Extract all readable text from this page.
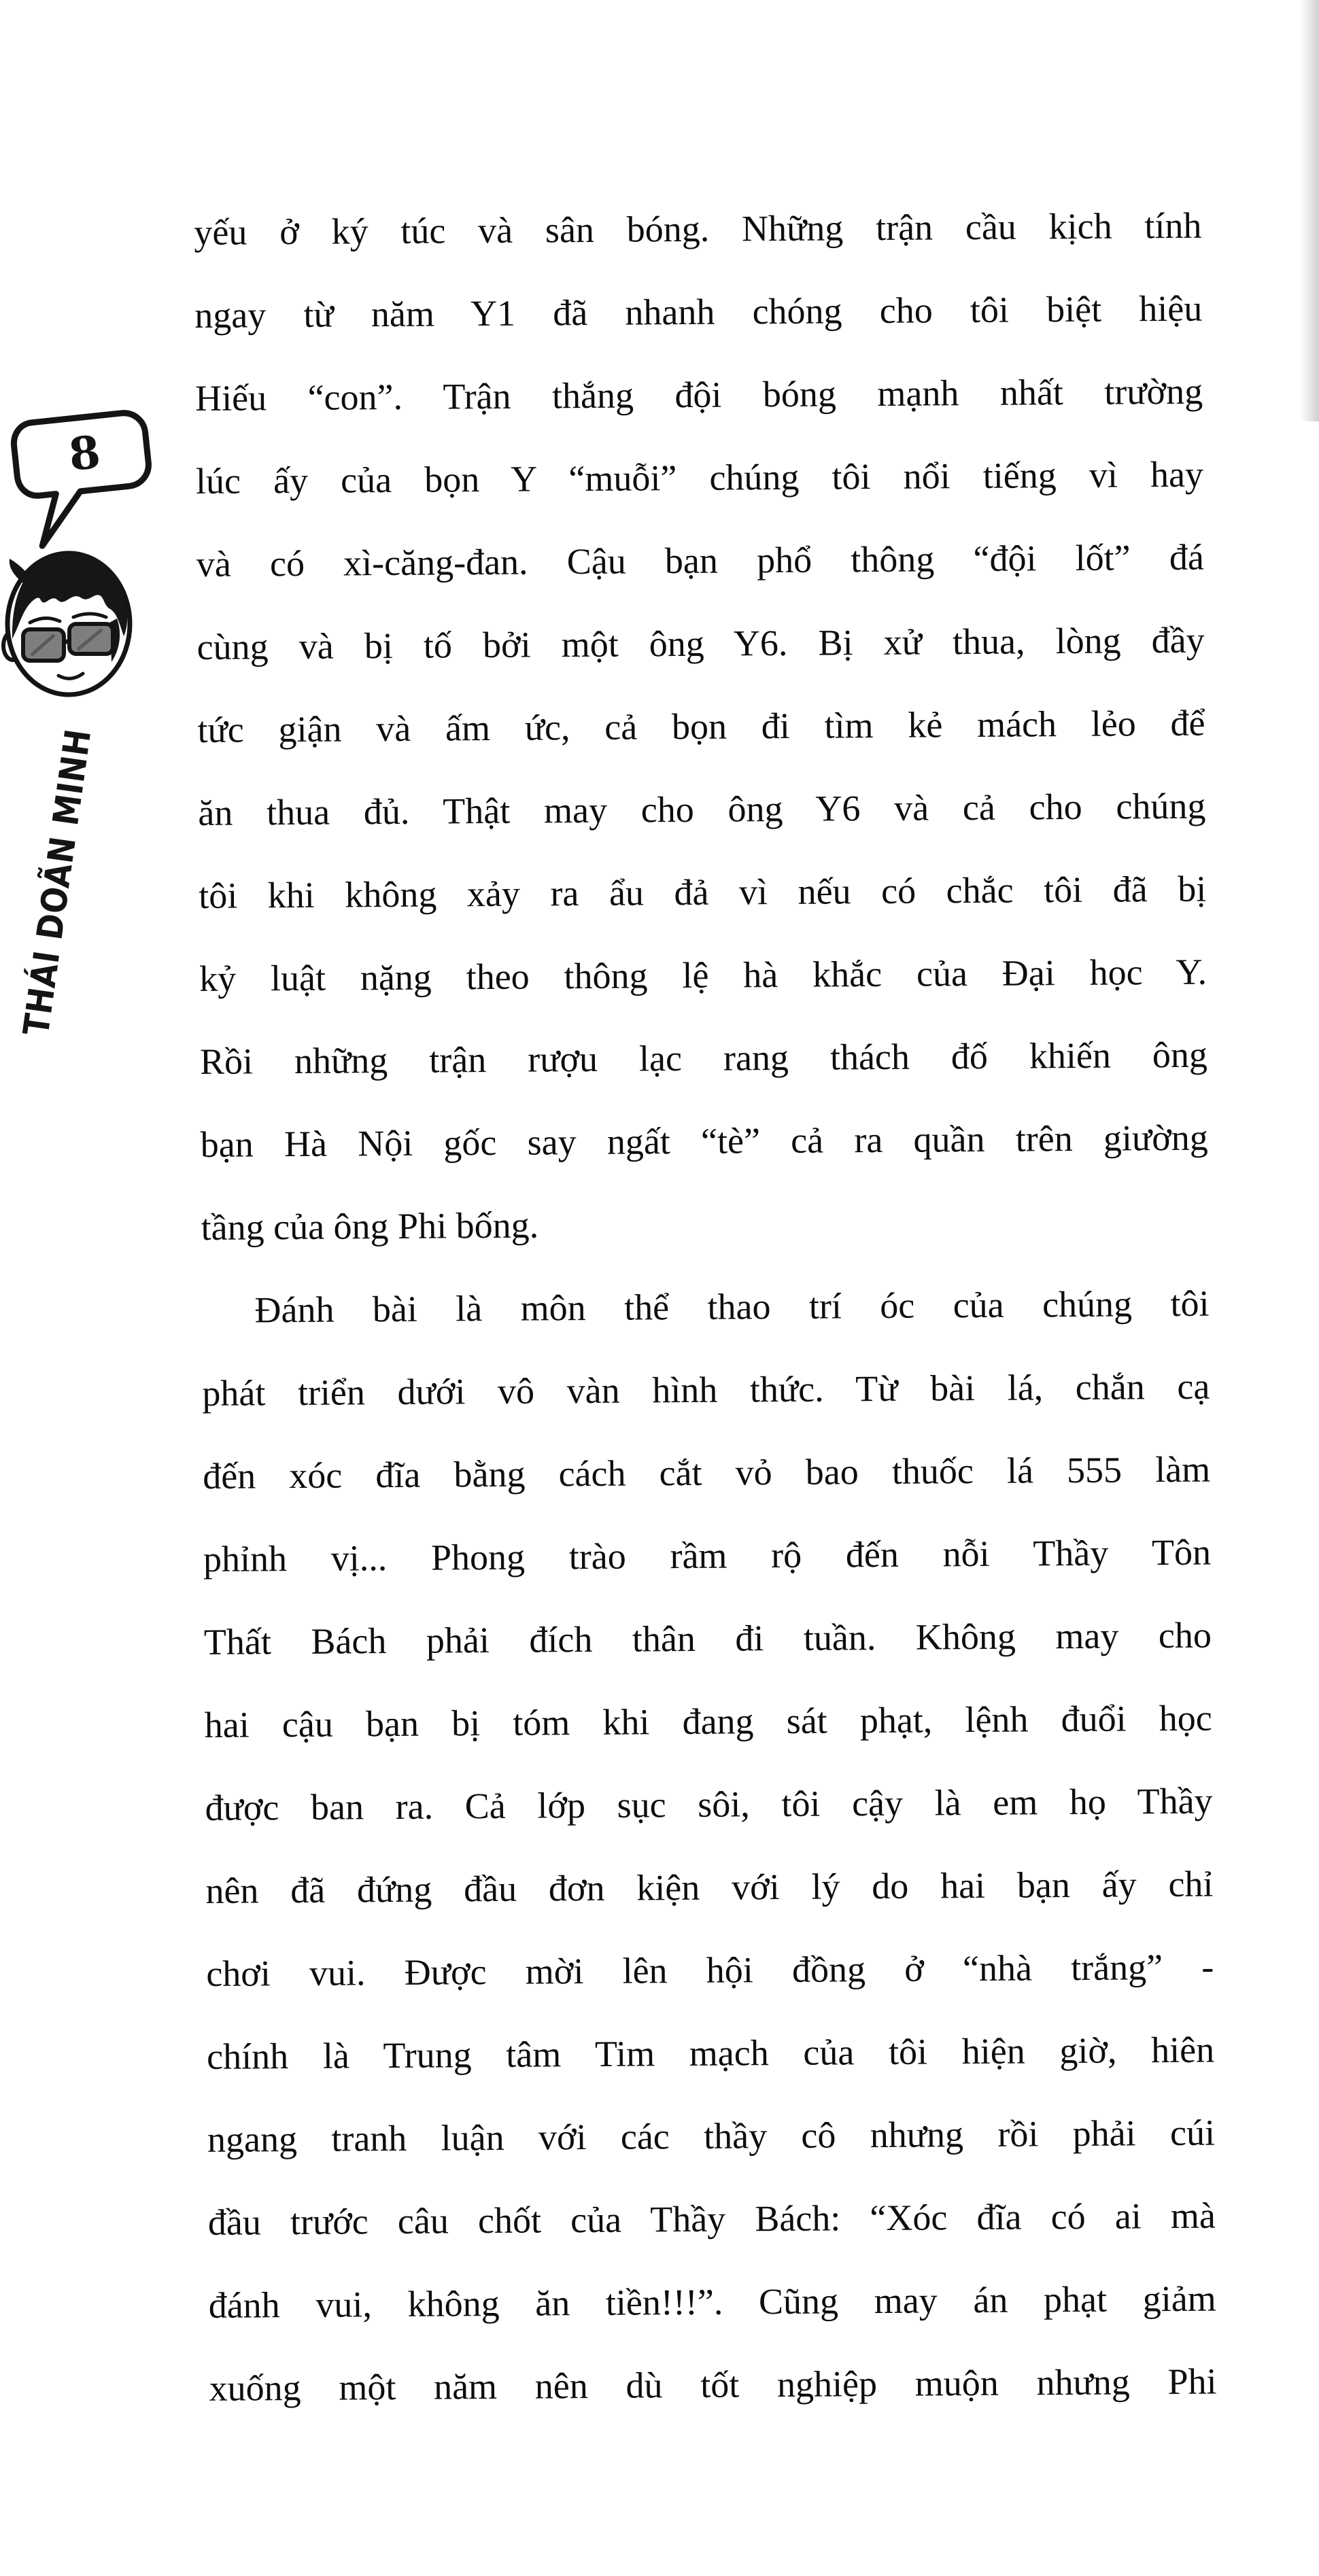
8
THÁI DOÃN MINH
yếu ở ký túc và sân bóng. Những trận cầu kịch tính
ngay từ năm Y1 đã nhanh chóng cho tôi biệt hiệu
Hiếu “con”. Trận thắng đội bóng mạnh nhất trường
lúc ấy của bọn Y “muỗi” chúng tôi nổi tiếng vì hay
và có xì-căng-đan. Cậu bạn phổ thông “đội lốt” đá
cùng và bị tố bởi một ông Y6. Bị xử thua, lòng đầy
tức giận và ấm ức, cả bọn đi tìm kẻ mách lẻo để
ăn thua đủ. Thật may cho ông Y6 và cả cho chúng
tôi khi không xảy ra ẩu đả vì nếu có chắc tôi đã bị
kỷ luật nặng theo thông lệ hà khắc của Đại học Y.
Rồi những trận rượu lạc rang thách đố khiến ông
bạn Hà Nội gốc say ngất “tè” cả ra quần trên giường
tầng của ông Phi bống.
Đánh bài là môn thể thao trí óc của chúng tôi
phát triển dưới vô vàn hình thức. Từ bài lá, chắn cạ
đến xóc đĩa bằng cách cắt vỏ bao thuốc lá 555 làm
phỉnh vị... Phong trào rầm rộ đến nỗi Thầy Tôn
Thất Bách phải đích thân đi tuần. Không may cho
hai cậu bạn bị tóm khi đang sát phạt, lệnh đuổi học
được ban ra. Cả lớp sục sôi, tôi cậy là em họ Thầy
nên đã đứng đầu đơn kiện với lý do hai bạn ấy chỉ
chơi vui. Được mời lên hội đồng ở “nhà trắng” -
chính là Trung tâm Tim mạch của tôi hiện giờ, hiên
ngang tranh luận với các thầy cô nhưng rồi phải cúi
đầu trước câu chốt của Thầy Bách: “Xóc đĩa có ai mà
đánh vui, không ăn tiền!!!”. Cũng may án phạt giảm
xuống một năm nên dù tốt nghiệp muộn nhưng Phi
